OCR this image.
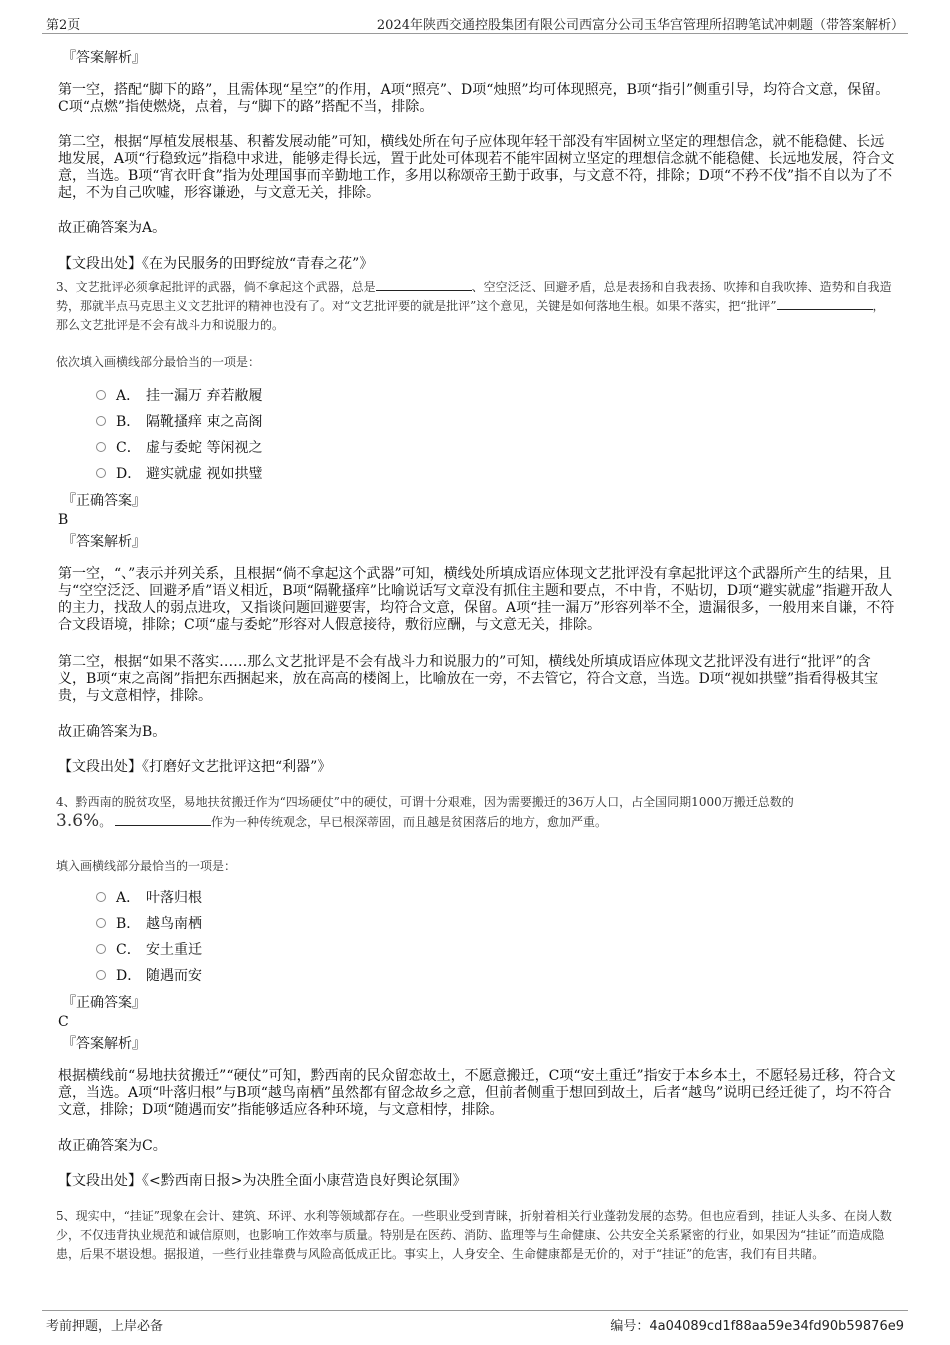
第2页	2024年陕西交通控股集团有限公司西富分公司玉华宫管理所招聘笔试冲刺题（带答案解析）
『答案解析』
第一空，搭配“脚下的路”，且需体现“星空”的作用，A项“照亮”、D项“烛照”均可体现照亮，B项“指引”侧重引导，均符合文意，保留。C项“点燃”指使燃烧，点着，与“脚下的路”搭配不当，排除。
第二空，根据“厚植发展根基、积蓄发展动能”可知，横线处所在句子应体现年轻干部没有牢固树立坚定的理想信念，就不能稳健、长远地发展，A项“行稳致远”指稳中求进，能够走得长远，置于此处可体现若不能牢固树立坚定的理想信念就不能稳健、长远地发展，符合文意，当选。B项“宵衣旰食”指为处理国事而辛勤地工作，多用以称颂帝王勤于政事，与文意不符，排除；D项“不矜不伐”指不自以为了不起，不为自己吹嘘，形容谦逊，与文意无关，排除。
故正确答案为A。
【文段出处】《在为民服务的田野绽放“青春之花”》
3、文艺批评必须拿起批评的武器，倘不拿起这个武器，总是	、空空泛泛、回避矛盾，总是表扬和自我表扬、吹捧和自我吹捧、造势和自我造势，那就半点马克思主义文艺批评的精神也没有了。对“文艺批评要的就是批评”这个意见，关键是如何落地生根。如果不落实，把“批评”	，那么文艺批评是不会有战斗力和说服力的。
依次填入画横线部分最恰当的一项是：
A． 挂一漏万 弃若敝履
B． 隔靴搔痒 束之高阁
C． 虚与委蛇 等闲视之
D． 避实就虚 视如拱璧
『正确答案』
B
『答案解析』
第一空，“、”表示并列关系，且根据“倘不拿起这个武器”可知，横线处所填成语应体现文艺批评没有拿起批评这个武器所产生的结果，且与“空空泛泛、回避矛盾”语义相近，B项“隔靴搔痒”比喻说话写文章没有抓住主题和要点，不中肯，不贴切，D项“避实就虚”指避开敌人的主力，找敌人的弱点进攻，又指谈问题回避要害，均符合文意，保留。A项“挂一漏万”形容列举不全，遗漏很多，一般用来自谦，不符合文段语境，排除；C项“虚与委蛇”形容对人假意接待，敷衍应酬，与文意无关，排除。
第二空，根据“如果不落实……那么文艺批评是不会有战斗力和说服力的”可知，横线处所填成语应体现文艺批评没有进行“批评”的含义，B项“束之高阁”指把东西捆起来，放在高高的楼阁上，比喻放在一旁，不去管它，符合文意，当选。D项“视如拱璧”指看得极其宝贵，与文意相悖，排除。
故正确答案为B。
【文段出处】《打磨好文艺批评这把“利器”》
4、黔西南的脱贫攻坚，易地扶贫搬迁作为“四场硬仗”中的硬仗，可谓十分艰难，因为需要搬迁的36万人口，占全国同期1000万搬迁总数的
3.6%。	作为一种传统观念，早已根深蒂固，而且越是贫困落后的地方，愈加严重。
填入画横线部分最恰当的一项是：
A． 叶落归根
B． 越鸟南栖
C． 安土重迁
D． 随遇而安
『正确答案』
C
『答案解析』
根据横线前“易地扶贫搬迁”“硬仗”可知，黔西南的民众留恋故土，不愿意搬迁，C项“安土重迁”指安于本乡本土，不愿轻易迁移，符合文意，当选。A项“叶落归根”与B项“越鸟南栖”虽然都有留念故乡之意，但前者侧重于想回到故土，后者“越鸟”说明已经迁徙了，均不符合文意，排除；D项“随遇而安”指能够适应各种环境，与文意相悖，排除。
故正确答案为C。
【文段出处】《<黔西南日报>为决胜全面小康营造良好舆论氛围》
5、现实中，“挂证”现象在会计、建筑、环评、水利等领域都存在。一些职业受到青睐，折射着相关行业蓬勃发展的态势。但也应看到，挂证人头多、在岗人数少，不仅违背执业规范和诚信原则，也影响工作效率与质量。特别是在医药、消防、监理等与生命健康、公共安全关系紧密的行业，如果因为“挂证”而造成隐患，后果不堪设想。据报道，一些行业挂靠费与风险高低成正比。事实上，人身安全、生命健康都是无价的，对于“挂证”的危害，我们有目共睹。
考前押题，上岸必备	编号：4a04089cd1f88aa59e34fd90b59876e9
